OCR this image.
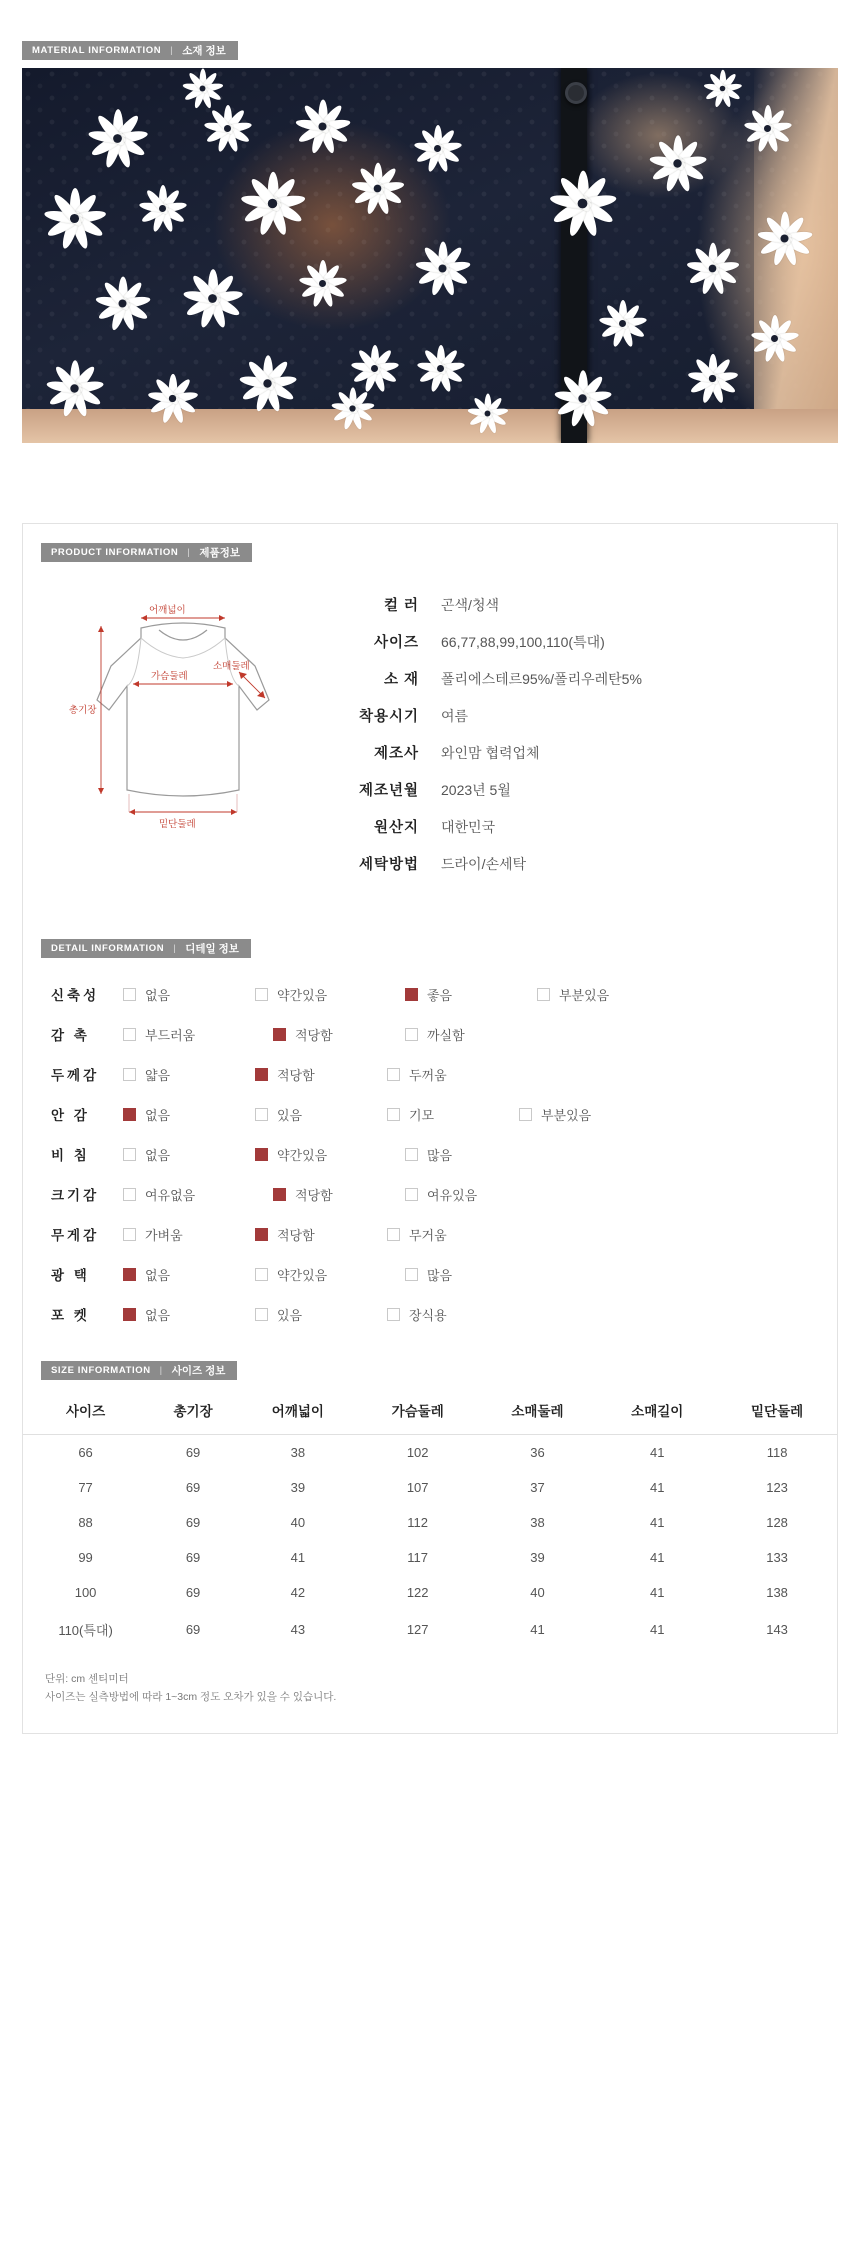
MATERIAL INFORMATION | 소재 정보
PRODUCT INFORMATION | 제품정보
어깨넓이
소매둘레
가슴둘레
총기장
밑단둘레
컬 러	곤색/청색
사이즈	66,77,88,99,100,110(특대)
소 재	폴리에스테르95%/폴리우레탄5%
착용시기	여름
제조사	와인맘 협력업체
제조년월	2023년 5월
원산지	대한민국
세탁방법	드라이/손세탁
DETAIL INFORMATION | 디테일 정보
신축성	없음	약간있음	좋음	부분있음
감 촉	부드러움	적당함	까실함
두께감	얇음	적당함	두꺼움
안 감	없음	있음	기모	부분있음
비 침	없음	약간있음	많음
크기감	여유없음	적당함	여유있음
무게감	가벼움	적당함	무거움
광 택	없음	약간있음	많음
포 켓	없음	있음	장식용
SIZE INFORMATION | 사이즈 정보
사이즈	총기장	어깨넓이	가슴둘레	소매둘레	소매길이	밑단둘레
66	69	38	102	36	41	118
77	69	39	107	37	41	123
88	69	40	112	38	41	128
99	69	41	117	39	41	133
100	69	42	122	40	41	138
110(특대)	69	43	127	41	41	143
단위: cm 센티미터
사이즈는 실측방법에 따라 1~3cm 정도 오차가 있을 수 있습니다.
